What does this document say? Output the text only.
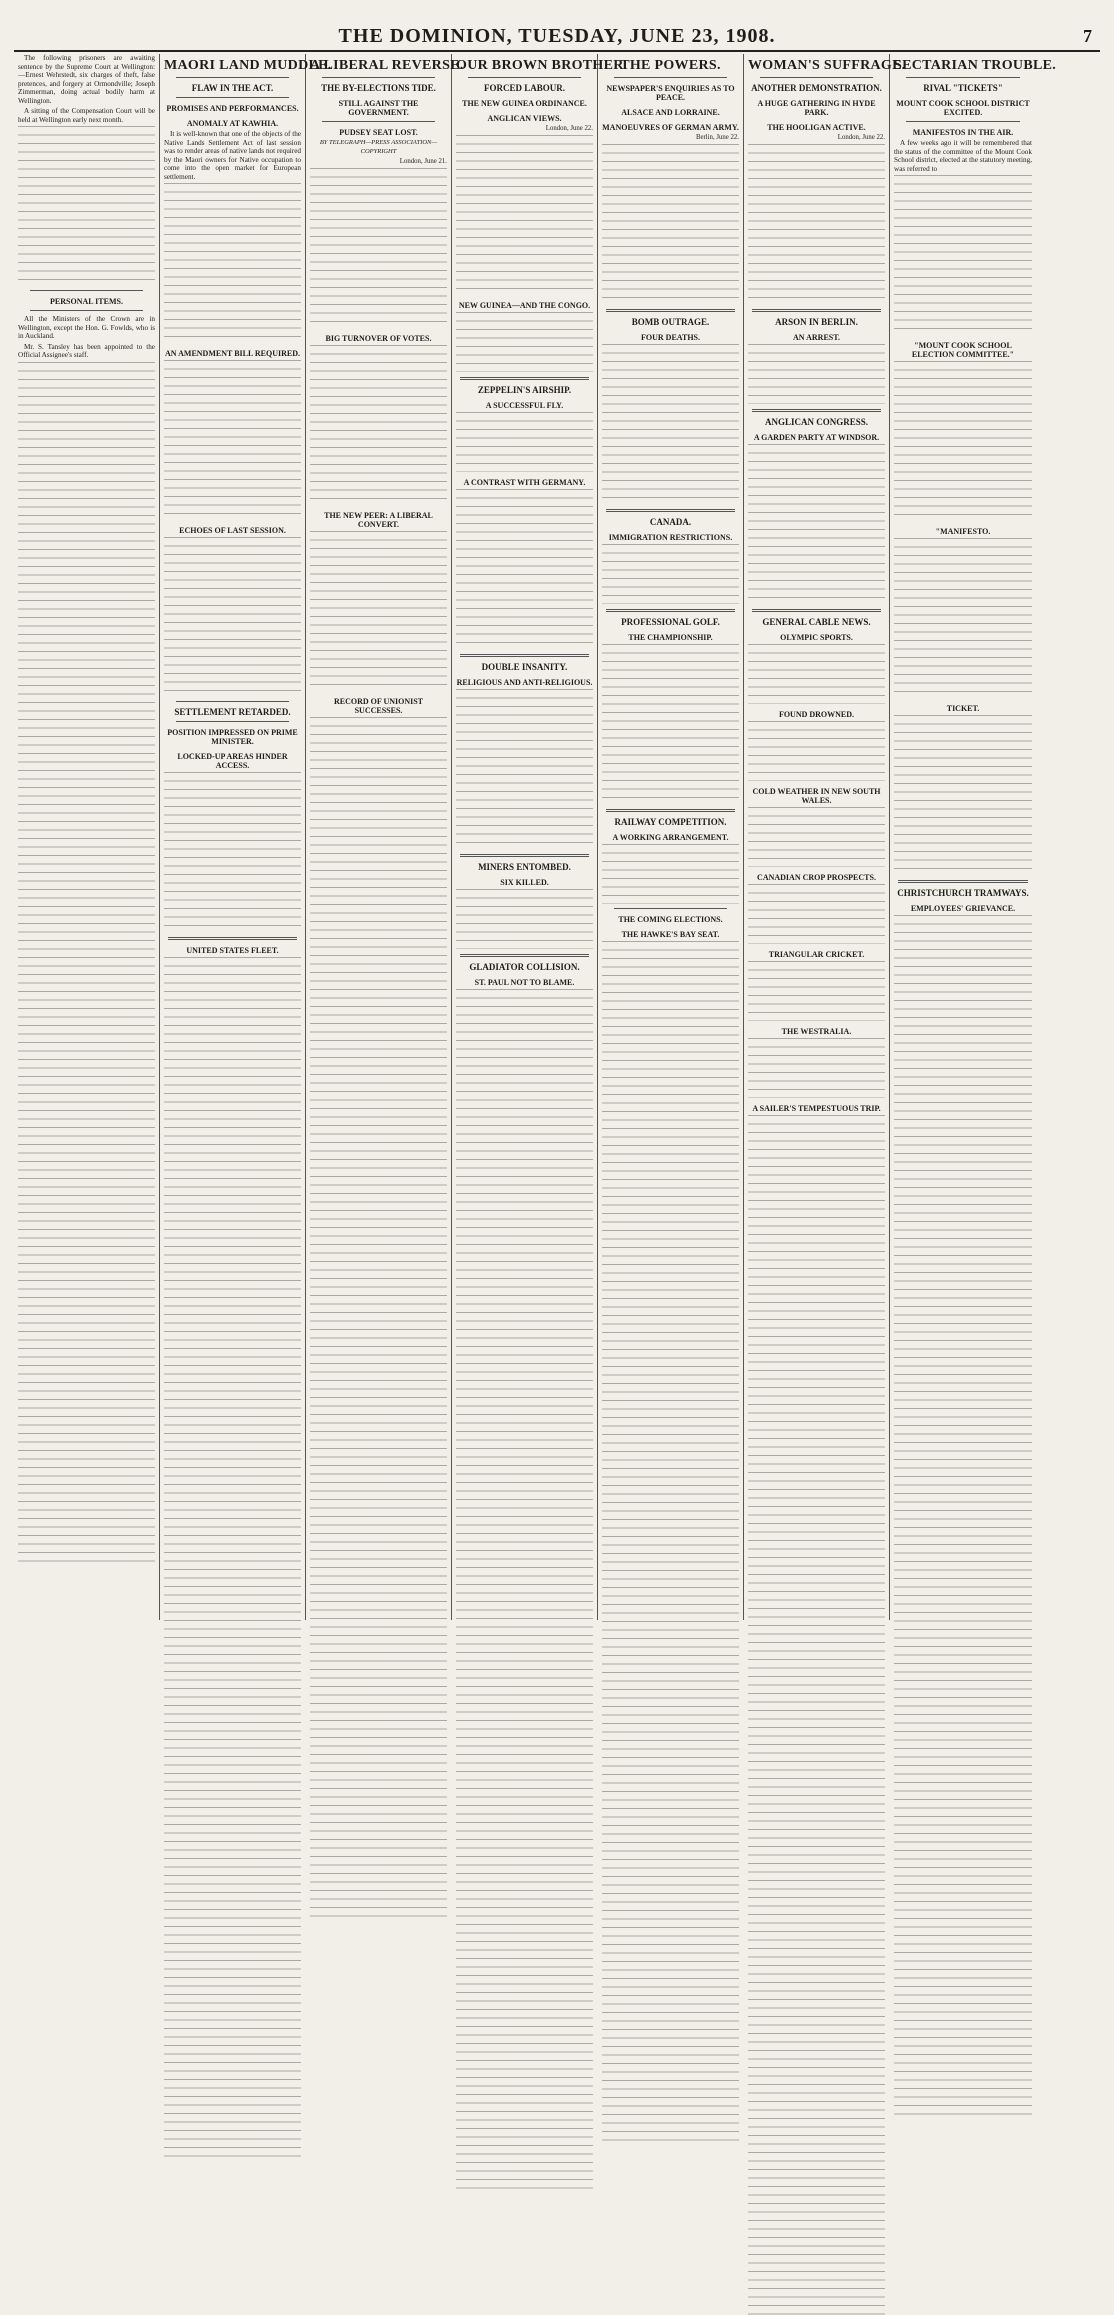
THE DOMINION, TUESDAY, JUNE 23, 1908.	7

The following prisoners are awaiting sentence by the Supreme Court at Wellington:—Ernest Wehrstedt, six charges of theft, false pretences, and forgery at Ormondville; Joseph Zimmerman, doing actual bodily harm at Wellington.

A sitting of the Compensation Court will be held at Wellington early next month.

PERSONAL ITEMS.

All the Ministers of the Crown are in Wellington, except the Hon. G. Fowlds, who is in Auckland.

Mr. S. Tansley has been appointed to the Official Assignee's staff.

MAORI LAND MUDDLE.
FLAW IN THE ACT.
PROMISES AND PERFORMANCES.
ANOMALY AT KAWHIA.

It is well-known that one of the objects of the Native Lands Settlement Act of last session was to render areas of native lands not required by the Maori owners for Native occupation to come into the open market for European settlement.

AN AMENDMENT BILL REQUIRED.
ECHOES OF LAST SESSION.
SETTLEMENT RETARDED.
POSITION IMPRESSED ON PRIME MINISTER.
LOCKED-UP AREAS HINDER ACCESS.
UNITED STATES FLEET.
A LIBERAL REVERSE.
THE BY-ELECTIONS TIDE.
STILL AGAINST THE GOVERNMENT.
PUDSEY SEAT LOST.

BY TELEGRAPH—PRESS ASSOCIATION—COPYRIGHT

London, June 21.

BIG TURNOVER OF VOTES.
THE NEW PEER: A LIBERAL CONVERT.
RECORD OF UNIONIST SUCCESSES.
OUR BROWN BROTHER
FORCED LABOUR.
THE NEW GUINEA ORDINANCE.
ANGLICAN VIEWS.

London, June 22.

NEW GUINEA—AND THE CONGO.
ZEPPELIN'S AIRSHIP.
A SUCCESSFUL FLY.
A CONTRAST WITH GERMANY.
DOUBLE INSANITY.
RELIGIOUS AND ANTI-RELIGIOUS.
MINERS ENTOMBED.
SIX KILLED.
GLADIATOR COLLISION.
ST. PAUL NOT TO BLAME.
THE POWERS.
NEWSPAPER'S ENQUIRIES AS TO PEACE.
ALSACE AND LORRAINE.
MANOEUVRES OF GERMAN ARMY.

Berlin, June 22.

BOMB OUTRAGE.
FOUR DEATHS.
CANADA.
IMMIGRATION RESTRICTIONS.
PROFESSIONAL GOLF.
THE CHAMPIONSHIP.
RAILWAY COMPETITION.
A WORKING ARRANGEMENT.
THE COMING ELECTIONS.
THE HAWKE'S BAY SEAT.
WOMAN'S SUFFRAGE.
ANOTHER DEMONSTRATION.
A HUGE GATHERING IN HYDE PARK.
THE HOOLIGAN ACTIVE.

London, June 22.

ARSON IN BERLIN.
AN ARREST.
ANGLICAN CONGRESS.
A GARDEN PARTY AT WINDSOR.
GENERAL CABLE NEWS.
OLYMPIC SPORTS.
FOUND DROWNED.
COLD WEATHER IN NEW SOUTH WALES.
CANADIAN CROP PROSPECTS.
TRIANGULAR CRICKET.
THE WESTRALIA.
A SAILER'S TEMPESTUOUS TRIP.
SECTARIAN TROUBLE.
RIVAL "TICKETS"
MOUNT COOK SCHOOL DISTRICT EXCITED.
MANIFESTOS IN THE AIR.

A few weeks ago it will be remembered that the status of the committee of the Mount Cook School district, elected at the statutory meeting, was referred to

"MOUNT COOK SCHOOL ELECTION COMMITTEE."
"MANIFESTO.
TICKET.
CHRISTCHURCH TRAMWAYS.
EMPLOYEES' GRIEVANCE.
